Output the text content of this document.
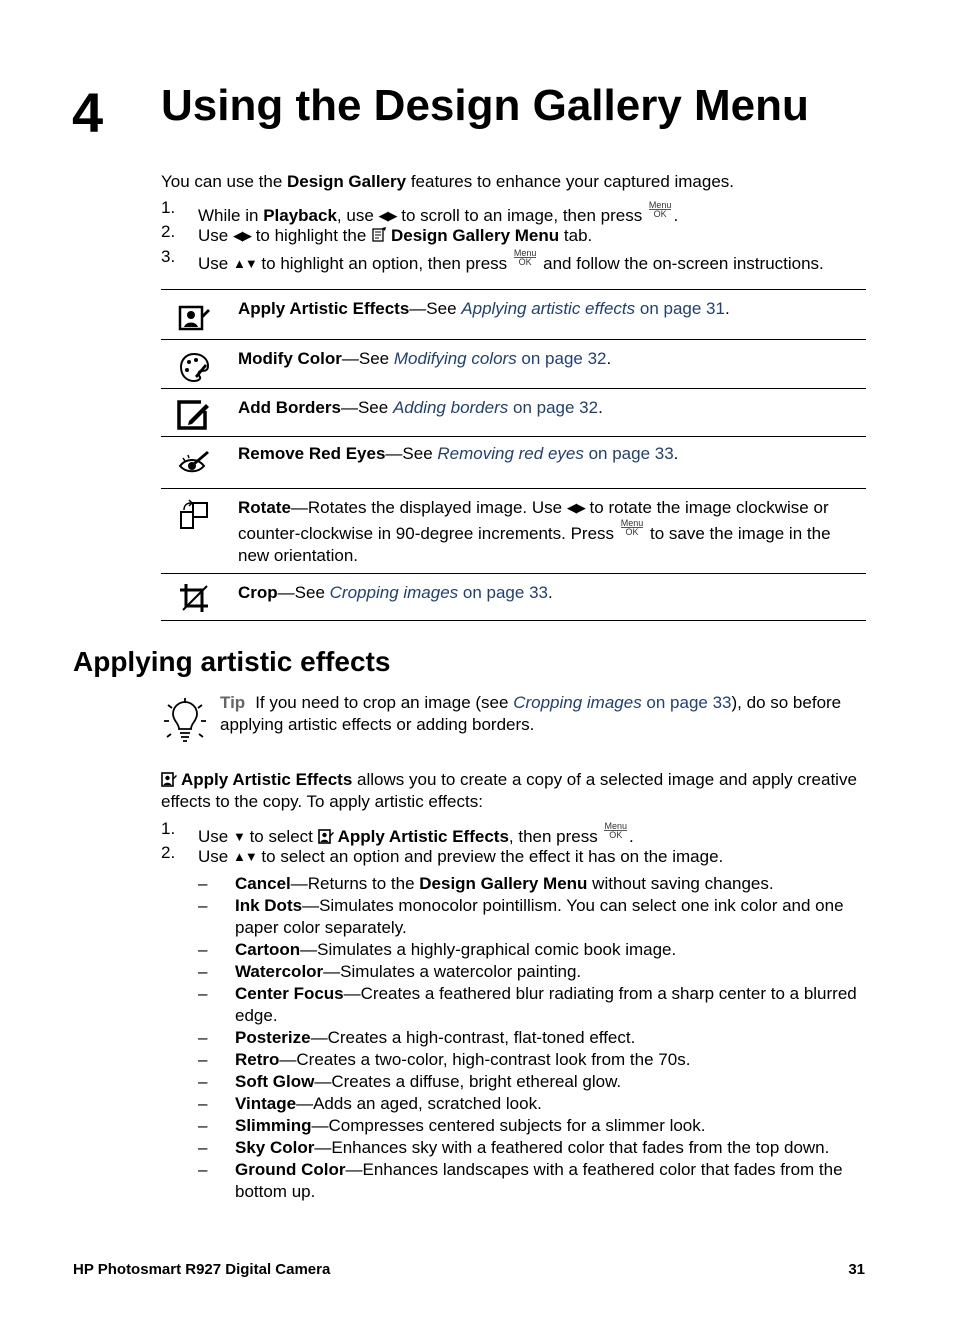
4 Using the Design Gallery Menu

You can use the Design Gallery features to enhance your captured images.

1. While in Playback, use ◀▶ to scroll to an image, then press
Menu
OK .
2. Use ◀▶ to highlight the Design Gallery Menu tab.
3. Use ▲▼ to highlight an option, then press
Menu
OK and follow the on-screen instructions.
Apply Artistic Effects—See Applying artistic effects on page 31.
Modify Color—See Modifying colors on page 32.
Add Borders—See Adding borders on page 32.
Remove Red Eyes—See Removing red eyes on page 33.
Rotate—Rotates the displayed image. Use ◀▶ to rotate the image clockwise or counter-clockwise in 90-degree increments. Press
Menu
OK to save the image in the new orientation.
Crop—See Cropping images on page 33.
Applying artistic effects

Tip If you need to crop an image (see Cropping images on page 33), do so before applying artistic effects or adding borders.

Apply Artistic Effects allows you to create a copy of a selected image and apply creative effects to the copy. To apply artistic effects:

1. Use ▼ to select Apply Artistic Effects, then press
Menu
OK .
2. Use ▲▼ to select an option and preview the effect it has on the image.
– Cancel—Returns to the Design Gallery Menu without saving changes.
– Ink Dots—Simulates monocolor pointillism. You can select one ink color and one paper color separately.
– Cartoon—Simulates a highly-graphical comic book image.
– Watercolor—Simulates a watercolor painting.
– Center Focus—Creates a feathered blur radiating from a sharp center to a blurred edge.
– Posterize—Creates a high-contrast, flat-toned effect.
– Retro—Creates a two-color, high-contrast look from the 70s.
– Soft Glow—Creates a diffuse, bright ethereal glow.
– Vintage—Adds an aged, scratched look.
– Slimming—Compresses centered subjects for a slimmer look.
– Sky Color—Enhances sky with a feathered color that fades from the top down.
– Ground Color—Enhances landscapes with a feathered color that fades from the bottom up.
HP Photosmart R927 Digital Camera	31
